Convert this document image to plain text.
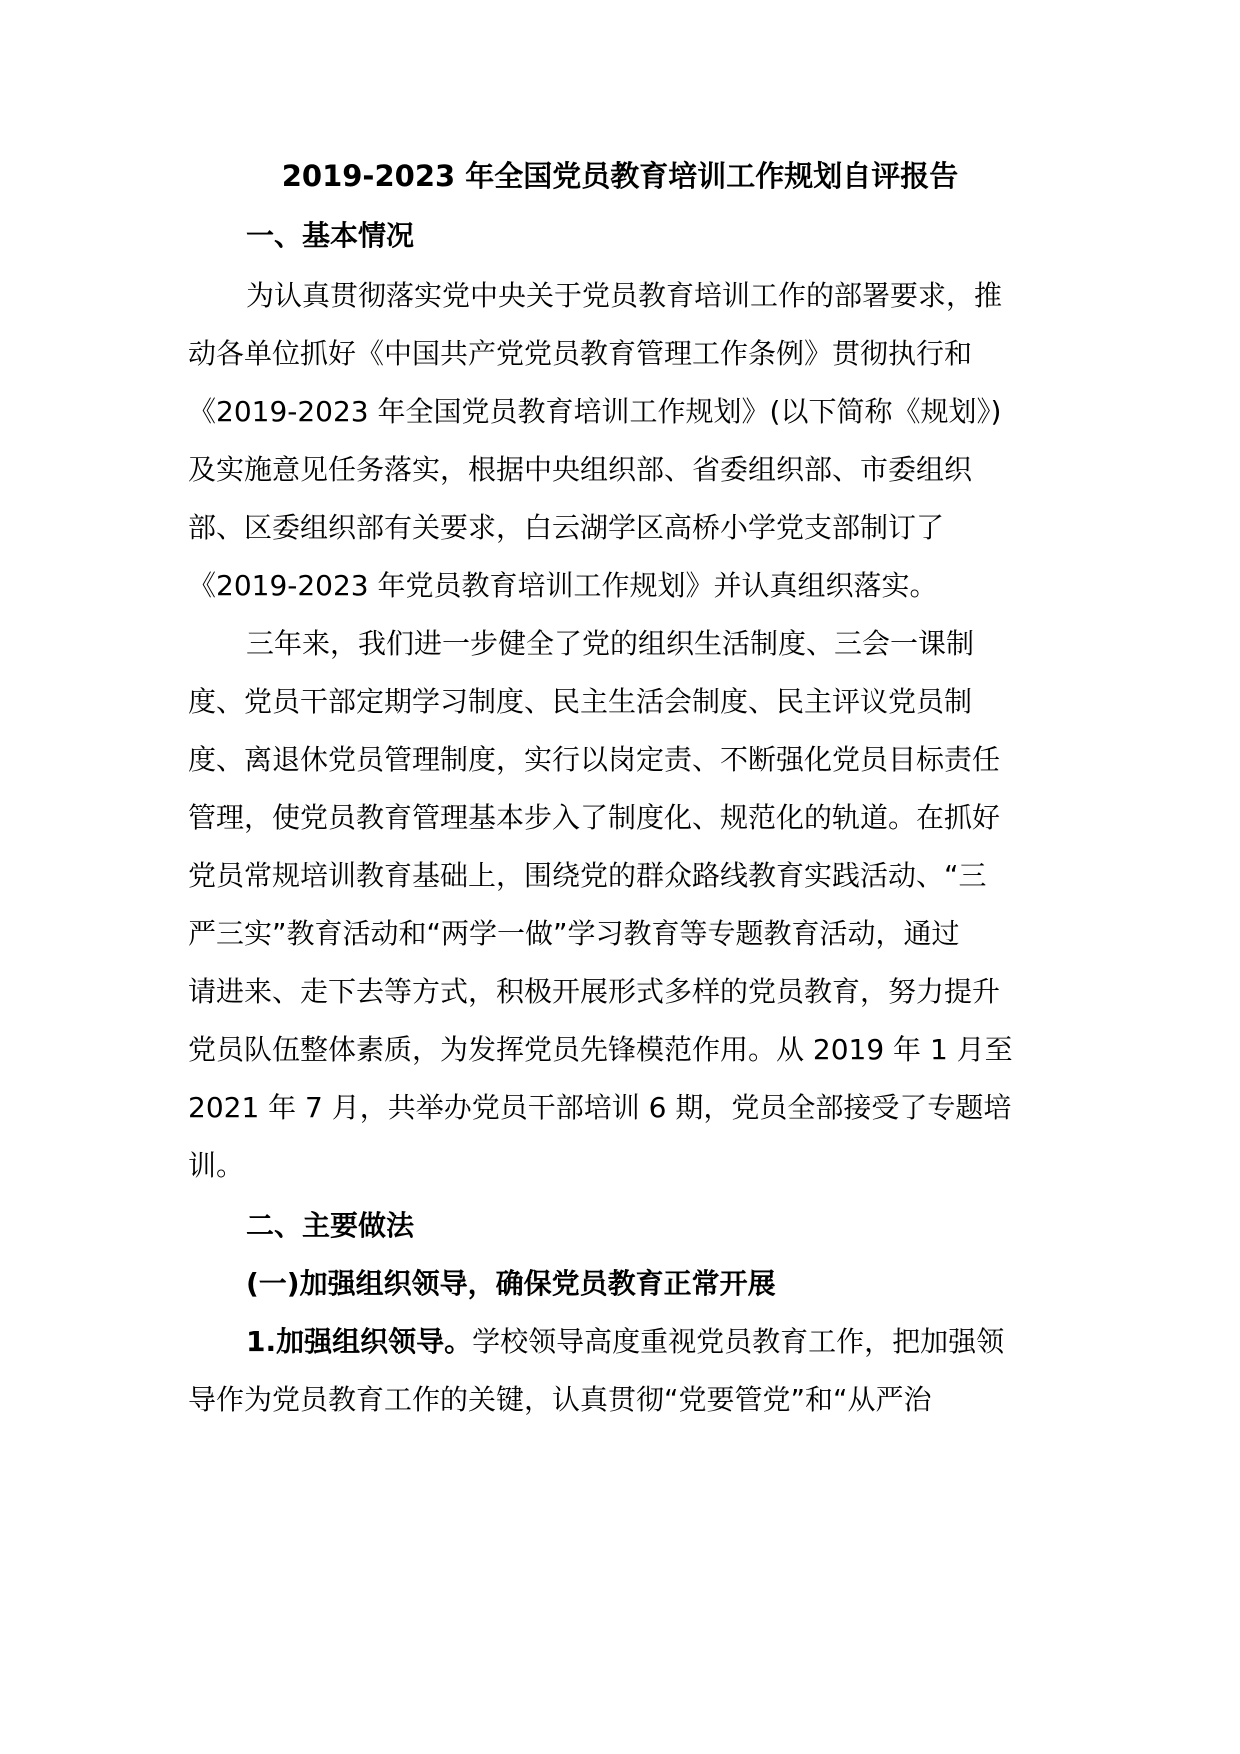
2019-2023 年全国党员教育培训工作规划自评报告
一、基本情况
为认真贯彻落实党中央关于党员教育培训工作的部署要求，推
动各单位抓好《中国共产党党员教育管理工作条例》贯彻执行和
《2019-2023 年全国党员教育培训工作规划》(以下简称《规划》)
及实施意见任务落实，根据中央组织部、省委组织部、市委组织
部、区委组织部有关要求，白云湖学区高桥小学党支部制订了
《2019-2023 年党员教育培训工作规划》并认真组织落实。
三年来，我们进一步健全了党的组织生活制度、三会一课制
度、党员干部定期学习制度、民主生活会制度、民主评议党员制
度、离退休党员管理制度，实行以岗定责、不断强化党员目标责任
管理，使党员教育管理基本步入了制度化、规范化的轨道。在抓好
党员常规培训教育基础上，围绕党的群众路线教育实践活动、“三
严三实”教育活动和“两学一做”学习教育等专题教育活动，通过
请进来、走下去等方式，积极开展形式多样的党员教育，努力提升
党员队伍整体素质，为发挥党员先锋模范作用。从 2019 年 1 月至
2021 年 7 月，共举办党员干部培训 6 期，党员全部接受了专题培
训。
二、主要做法
(一)加强组织领导，确保党员教育正常开展
1.加强组织领导。学校领导高度重视党员教育工作，把加强领
导作为党员教育工作的关键，认真贯彻“党要管党”和“从严治
